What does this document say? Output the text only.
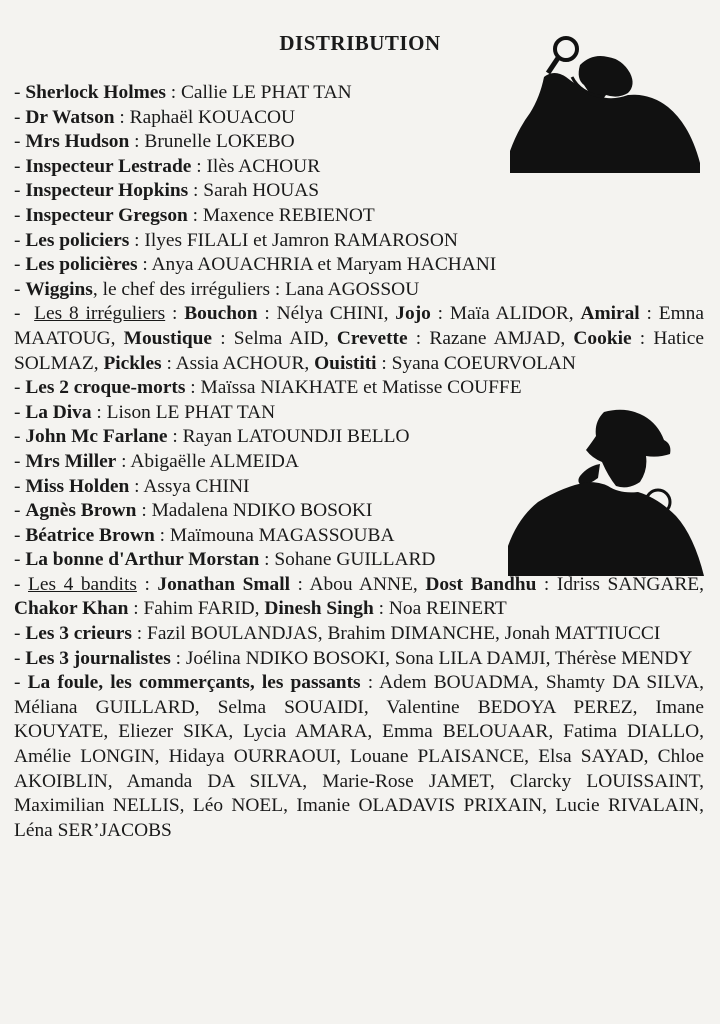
​
DISTRIBUTION

- Sherlock Holmes : Callie LE PHAT TAN

- Dr Watson : Raphaël KOUACOU

- Mrs Hudson : Brunelle LOKEBO

- Inspecteur Lestrade : Ilès ACHOUR

- Inspecteur Hopkins : Sarah HOUAS

- Inspecteur Gregson : Maxence REBIENOT

- Les policiers : Ilyes FILALI et Jamron RAMAROSON

- Les policières : Anya AOUACHRIA et Maryam HACHANI

- Wiggins, le chef des irréguliers : Lana AGOSSOU

-  Les 8 irréguliers : Bouchon : Nélya CHINI, Jojo : Maïa ALIDOR, Amiral : Emna MAATOUG, Moustique : Selma AID, Crevette : Razane AMJAD, Cookie : Hatice SOLMAZ, Pickles : Assia ACHOUR, Ouistiti : Syana COEURVOLAN

- Les 2 croque-morts : Maïssa NIAKHATE et Matisse COUFFE

- La Diva : Lison LE PHAT TAN

- John Mc Farlane : Rayan LATOUNDJI BELLO

- Mrs Miller : Abigaëlle ALMEIDA

- Miss Holden : Assya CHINI

- Agnès Brown : Madalena NDIKO BOSOKI

- Béatrice Brown : Maïmouna MAGASSOUBA

- La bonne d'Arthur Morstan : Sohane GUILLARD

- Les 4 bandits : Jonathan Small : Abou ANNE, Dost Bandhu : Idriss SANGARE, Chakor Khan : Fahim FARID, Dinesh Singh : Noa REINERT

- Les 3 crieurs : Fazil BOULANDJAS, Brahim DIMANCHE, Jonah MATTIUCCI

- Les 3 journalistes : Joélina NDIKO BOSOKI, Sona LILA DAMJI, Thérèse MENDY

- La foule, les commerçants, les passants : Adem BOUADMA, Shamty DA SILVA, Méliana GUILLARD, Selma SOUAIDI, Valentine BEDOYA PEREZ, Imane KOUYATE, Eliezer SIKA, Lycia AMARA, Emma BELOUAAR, Fatima DIALLO, Amélie LONGIN, Hidaya OURRAOUI, Louane PLAISANCE, Elsa SAYAD, Chloe AKOIBLIN, Amanda DA SILVA, Marie-Rose JAMET, Clarcky LOUISSAINT, Maximilian NELLIS, Léo NOEL, Imanie OLADAVIS PRIXAIN, Lucie RIVALAIN, Léna SER’JACOBS
